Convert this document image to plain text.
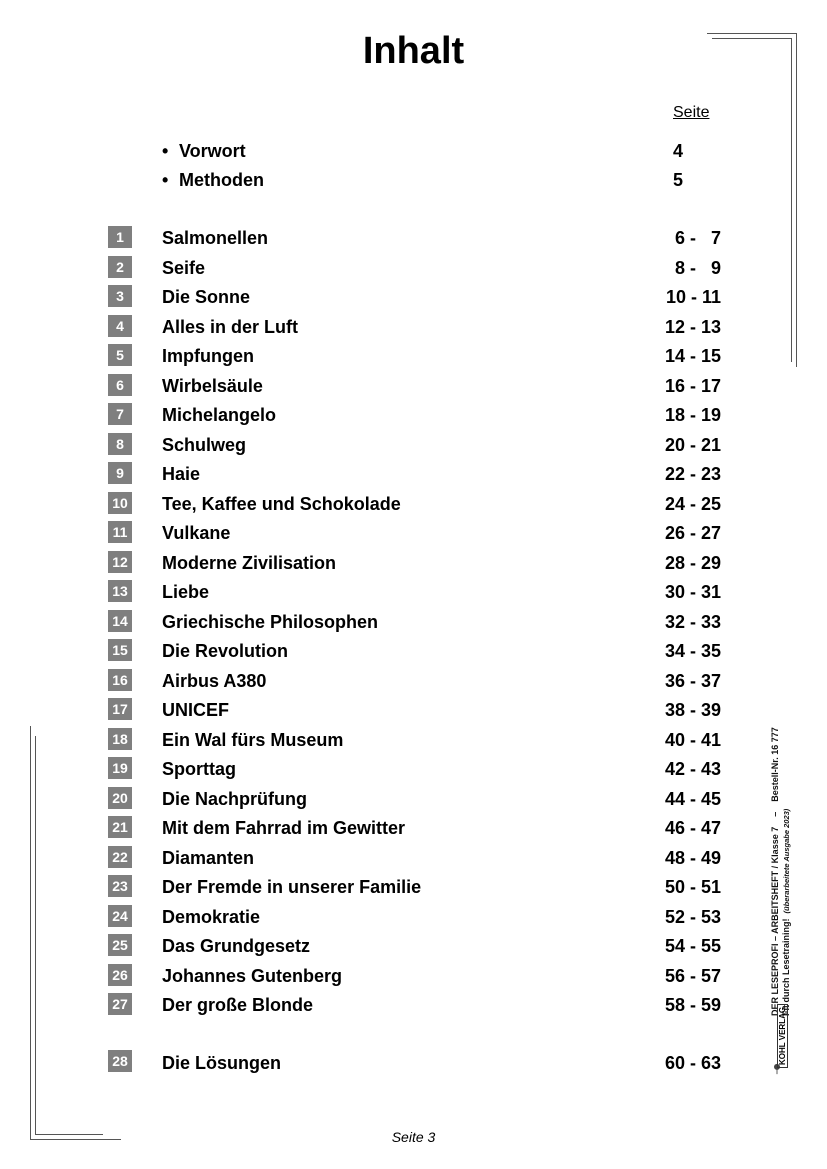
Inhalt
Seite
• Vorwort	4
• Methoden	5
1	Salmonellen	6 -   7
2	Seife	8 -   9
3	Die Sonne	10 - 11
4	Alles in der Luft	12 - 13
5	Impfungen	14 - 15
6	Wirbelsäule	16 - 17
7	Michelangelo	18 - 19
8	Schulweg	20 - 21
9	Haie	22 - 23
10 Tee, Kaffee und Schokolade	24 - 25
11 Vulkane	26 - 27
12 Moderne Zivilisation	28 - 29
13 Liebe	30 - 31
14 Griechische Philosophen	32 - 33
15 Die Revolution	34 - 35
16 Airbus A380	36 - 37
17 UNICEF	38 - 39
18 Ein Wal fürs Museum	40 - 41
19 Sporttag	42 - 43
20 Die Nachprüfung	44 - 45
21 Mit dem Fahrrad im Gewitter	46 - 47
22 Diamanten	48 - 49
23 Der Fremde in unserer Familie	50 - 51
24 Demokratie	52 - 53
25 Das Grundgesetz	54 - 55
26 Johannes Gutenberg	56 - 57
27 Der große Blonde	58 - 59
28 Die Lösungen	60 - 63
DER LESEPROFI – ARBEITSHEFT / Klasse 7    –    Bestell-Nr. 16 777
Fit durch Lesetraining!  (überarbeitete Ausgabe 2023)
KOHL VERLAG
Seite 3
